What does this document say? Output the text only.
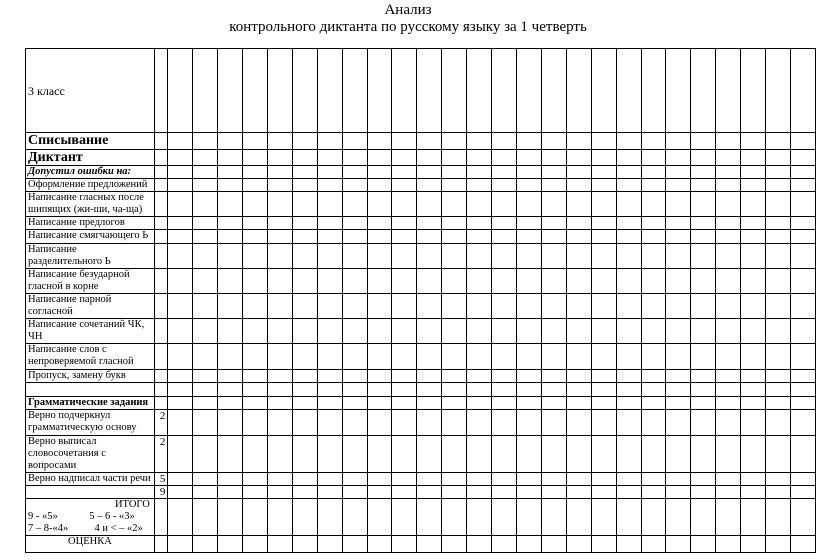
Анализ
контрольного диктанта по русскому языку за 1 четверть
3 класс																											
Списывание																											
Диктант																											
Допустил ошибки на:																											
Оформление предложений																											
Написание гласных после шипящих (жи-ши, ча-ща)																											
Написание предлогов																											
Написание смягчающего Ь																											
Написание разделительного Ь																											
Написание безударной гласной в корне																											
Написание парной согласной																											
Написание сочетаний ЧК, ЧН																											
Написание слов с непроверяемой гласной																											
Пропуск, замену букв																											

Грамматические задания																											
Верно подчеркнул грамматическую основу	2																										
Верно выписал словосочетания с вопросами	2																										
Верно надписал части речи	5																										
	9																										

ИТОГО
9 - «5»            5 – 6 - «3»
7 – 8-«4»          4 и < – «2»																											

ОЦЕНКА																											
